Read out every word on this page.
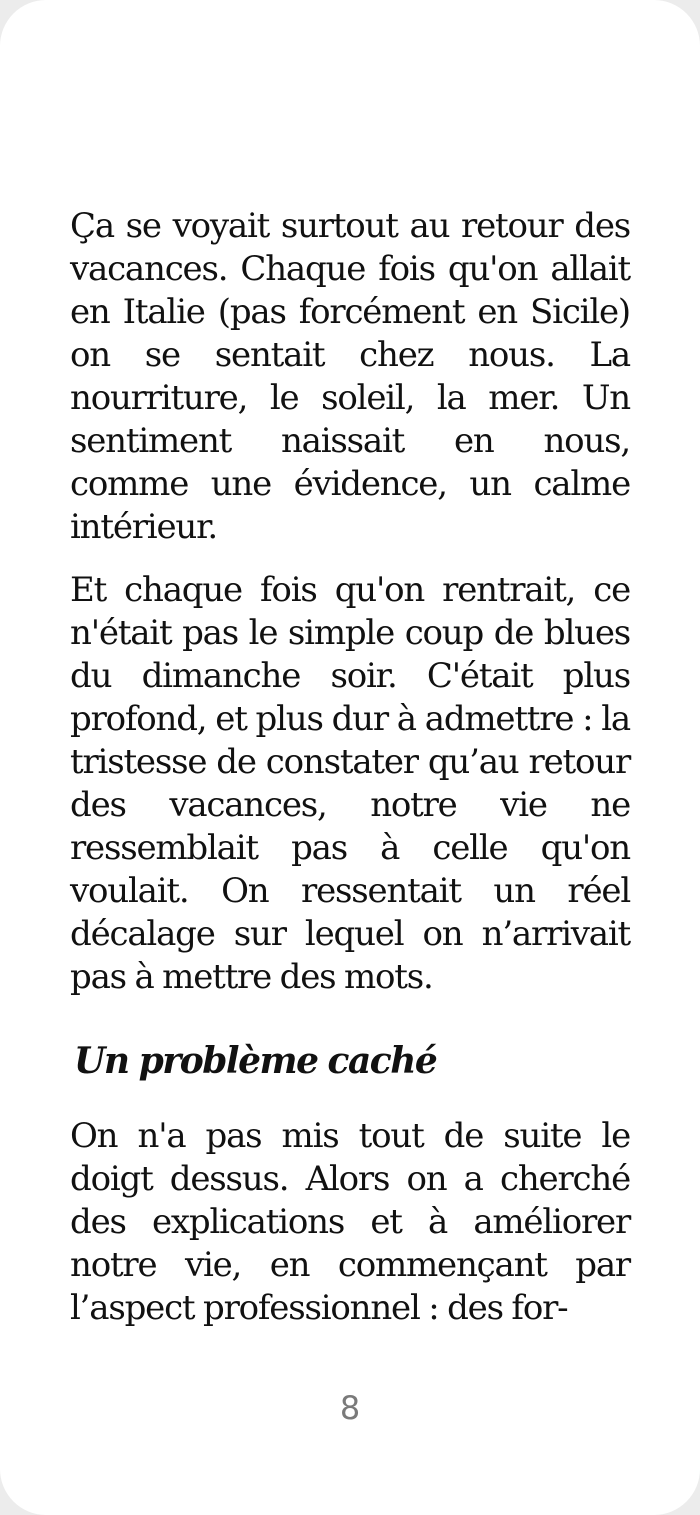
Ça se voyait surtout au retour des vacances. Chaque fois qu'on allait en Italie (pas forcément en Sicile) on se sentait chez nous. La nourriture, le soleil, la mer. Un sentiment naissait en nous, comme une évidence, un calme intérieur.

Et chaque fois qu'on rentrait, ce n'était pas le simple coup de blues du dimanche soir. C'était plus profond, et plus dur à admettre : la tristesse de constater qu’au retour des vacances, notre vie ne ressemblait pas à celle qu'on voulait. On ressentait un réel décalage sur lequel on n’arrivait pas à mettre des mots.

Un problème caché

On n'a pas mis tout de suite le doigt dessus. Alors on a cherché des explications et à améliorer notre vie, en commençant par l’aspect professionnel : des for-

8
